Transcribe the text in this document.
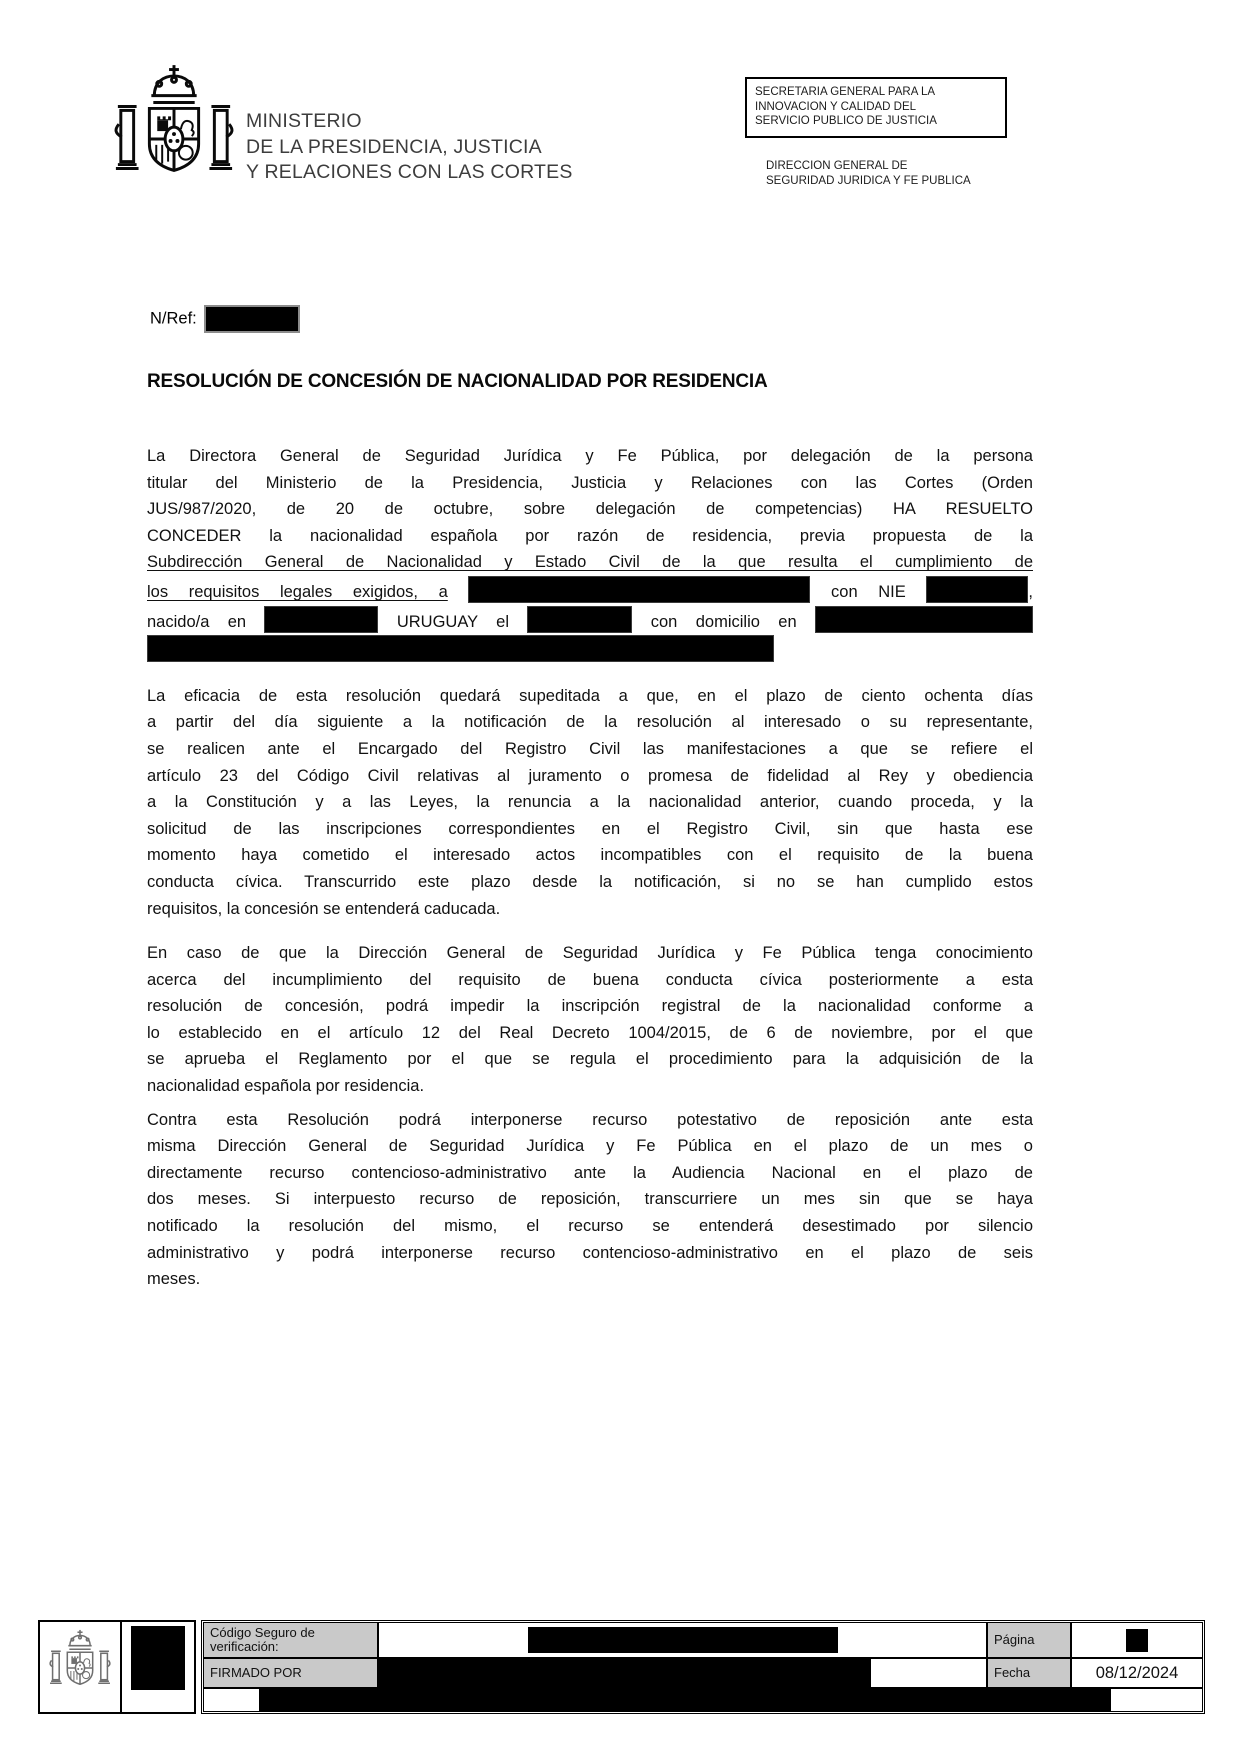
MINISTERIO
DE LA PRESIDENCIA, JUSTICIA
Y RELACIONES CON LAS CORTES
SECRETARIA GENERAL PARA LA
INNOVACION Y CALIDAD DEL
SERVICIO PUBLICO DE JUSTICIA
DIRECCION GENERAL DE
SEGURIDAD JURIDICA Y FE PUBLICA
N/Ref:
RESOLUCIÓN DE CONCESIÓN DE NACIONALIDAD POR RESIDENCIA
La Directora General de Seguridad Jurídica y Fe Pública, por delegación de la persona
titular del Ministerio de la Presidencia, Justicia y Relaciones con las Cortes (Orden
JUS/987/2020, de 20 de octubre, sobre delegación de competencias) HA RESUELTO
CONCEDER la nacionalidad española por razón de residencia, previa propuesta de la
Subdirección General de Nacionalidad y Estado Civil de la que resulta el cumplimiento de
los requisitos legales exigidos, a	con NIE	,
nacido/a en	URUGUAY el	con domicilio en
La eficacia de esta resolución quedará supeditada a que, en el plazo de ciento ochenta días
a partir del día siguiente a la notificación de la resolución al interesado o su representante,
se realicen ante el Encargado del Registro Civil las manifestaciones a que se refiere el
artículo 23 del Código Civil relativas al juramento o promesa de fidelidad al Rey y obediencia
a la Constitución y a las Leyes, la renuncia a la nacionalidad anterior, cuando proceda, y la
solicitud de las inscripciones correspondientes en el Registro Civil, sin que hasta ese
momento haya cometido el interesado actos incompatibles con el requisito de la buena
conducta cívica. Transcurrido este plazo desde la notificación, si no se han cumplido estos
requisitos, la concesión se entenderá caducada.
En caso de que la Dirección General de Seguridad Jurídica y Fe Pública tenga conocimiento
acerca del incumplimiento del requisito de buena conducta cívica posteriormente a esta
resolución de concesión, podrá impedir la inscripción registral de la nacionalidad conforme a
lo establecido en el artículo 12 del Real Decreto 1004/2015, de 6 de noviembre, por el que
se aprueba el Reglamento por el que se regula el procedimiento para la adquisición de la
nacionalidad española por residencia.
Contra esta Resolución podrá interponerse recurso potestativo de reposición ante esta
misma Dirección General de Seguridad Jurídica y Fe Pública en el plazo de un mes o
directamente recurso contencioso-administrativo ante la Audiencia Nacional en el plazo de
dos meses. Si interpuesto recurso de reposición, transcurriere un mes sin que se haya
notificado la resolución del mismo, el recurso se entenderá desestimado por silencio
administrativo y podrá interponerse recurso contencioso-administrativo en el plazo de seis
meses.
Código Seguro de verificación:	Página
FIRMADO POR	Fecha	08/12/2024
